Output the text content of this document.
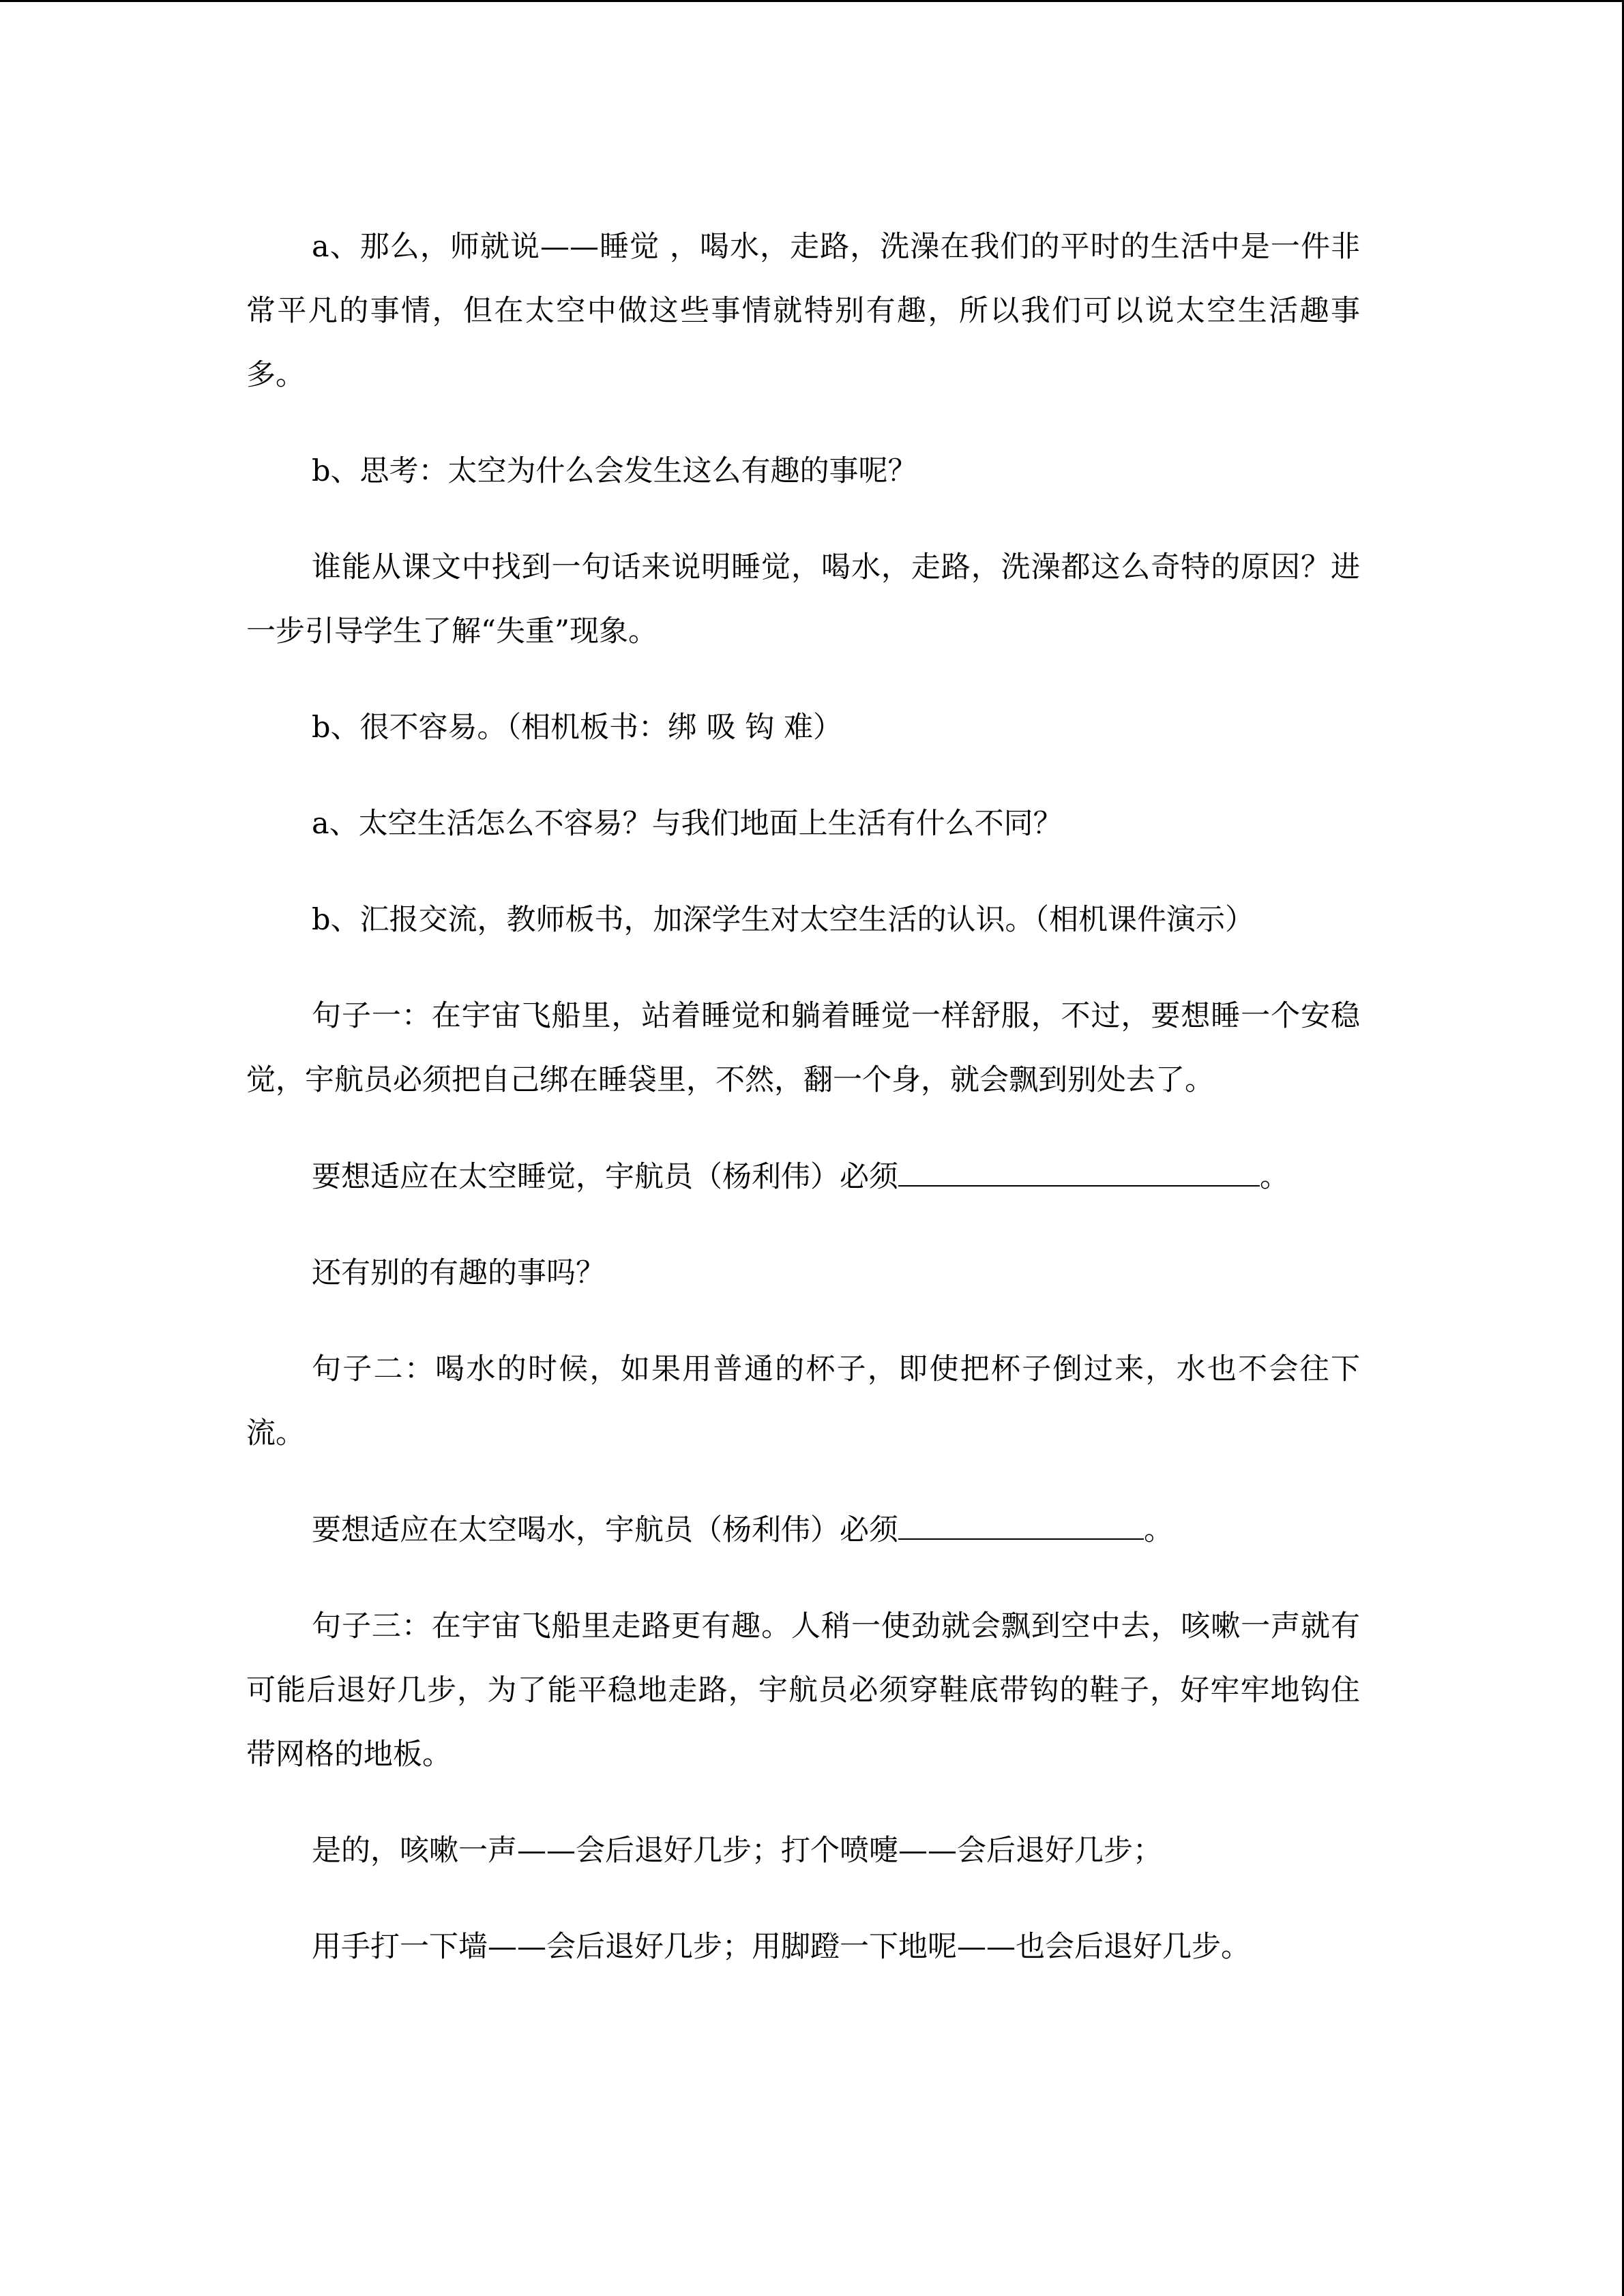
a、那么，师就说——睡觉 ，喝水，走路，洗澡在我们的平时的生活中是一件非常平凡的事情，但在太空中做这些事情就特别有趣，所以我们可以说太空生活趣事多。

b、思考：太空为什么会发生这么有趣的事呢？

谁能从课文中找到一句话来说明睡觉，喝水，走路，洗澡都这么奇特的原因？进一步引导学生了解“失重”现象。

b、很不容易。（相机板书：绑 吸 钩 难）

a、太空生活怎么不容易？与我们地面上生活有什么不同？

b、汇报交流，教师板书，加深学生对太空生活的认识。（相机课件演示）

句子一：在宇宙飞船里，站着睡觉和躺着睡觉一样舒服，不过，要想睡一个安稳觉，宇航员必须把自己绑在睡袋里，不然，翻一个身，就会飘到别处去了。

要想适应在太空睡觉，宇航员（杨利伟）必须	。

还有别的有趣的事吗？

句子二：喝水的时候，如果用普通的杯子，即使把杯子倒过来，水也不会往下流。

要想适应在太空喝水，宇航员（杨利伟）必须	。

句子三：在宇宙飞船里走路更有趣。人稍一使劲就会飘到空中去，咳嗽一声就有可能后退好几步，为了能平稳地走路，宇航员必须穿鞋底带钩的鞋子，好牢牢地钩住带网格的地板。

是的，咳嗽一声——会后退好几步；打个喷嚏——会后退好几步；

用手打一下墙——会后退好几步；用脚蹬一下地呢——也会后退好几步。
